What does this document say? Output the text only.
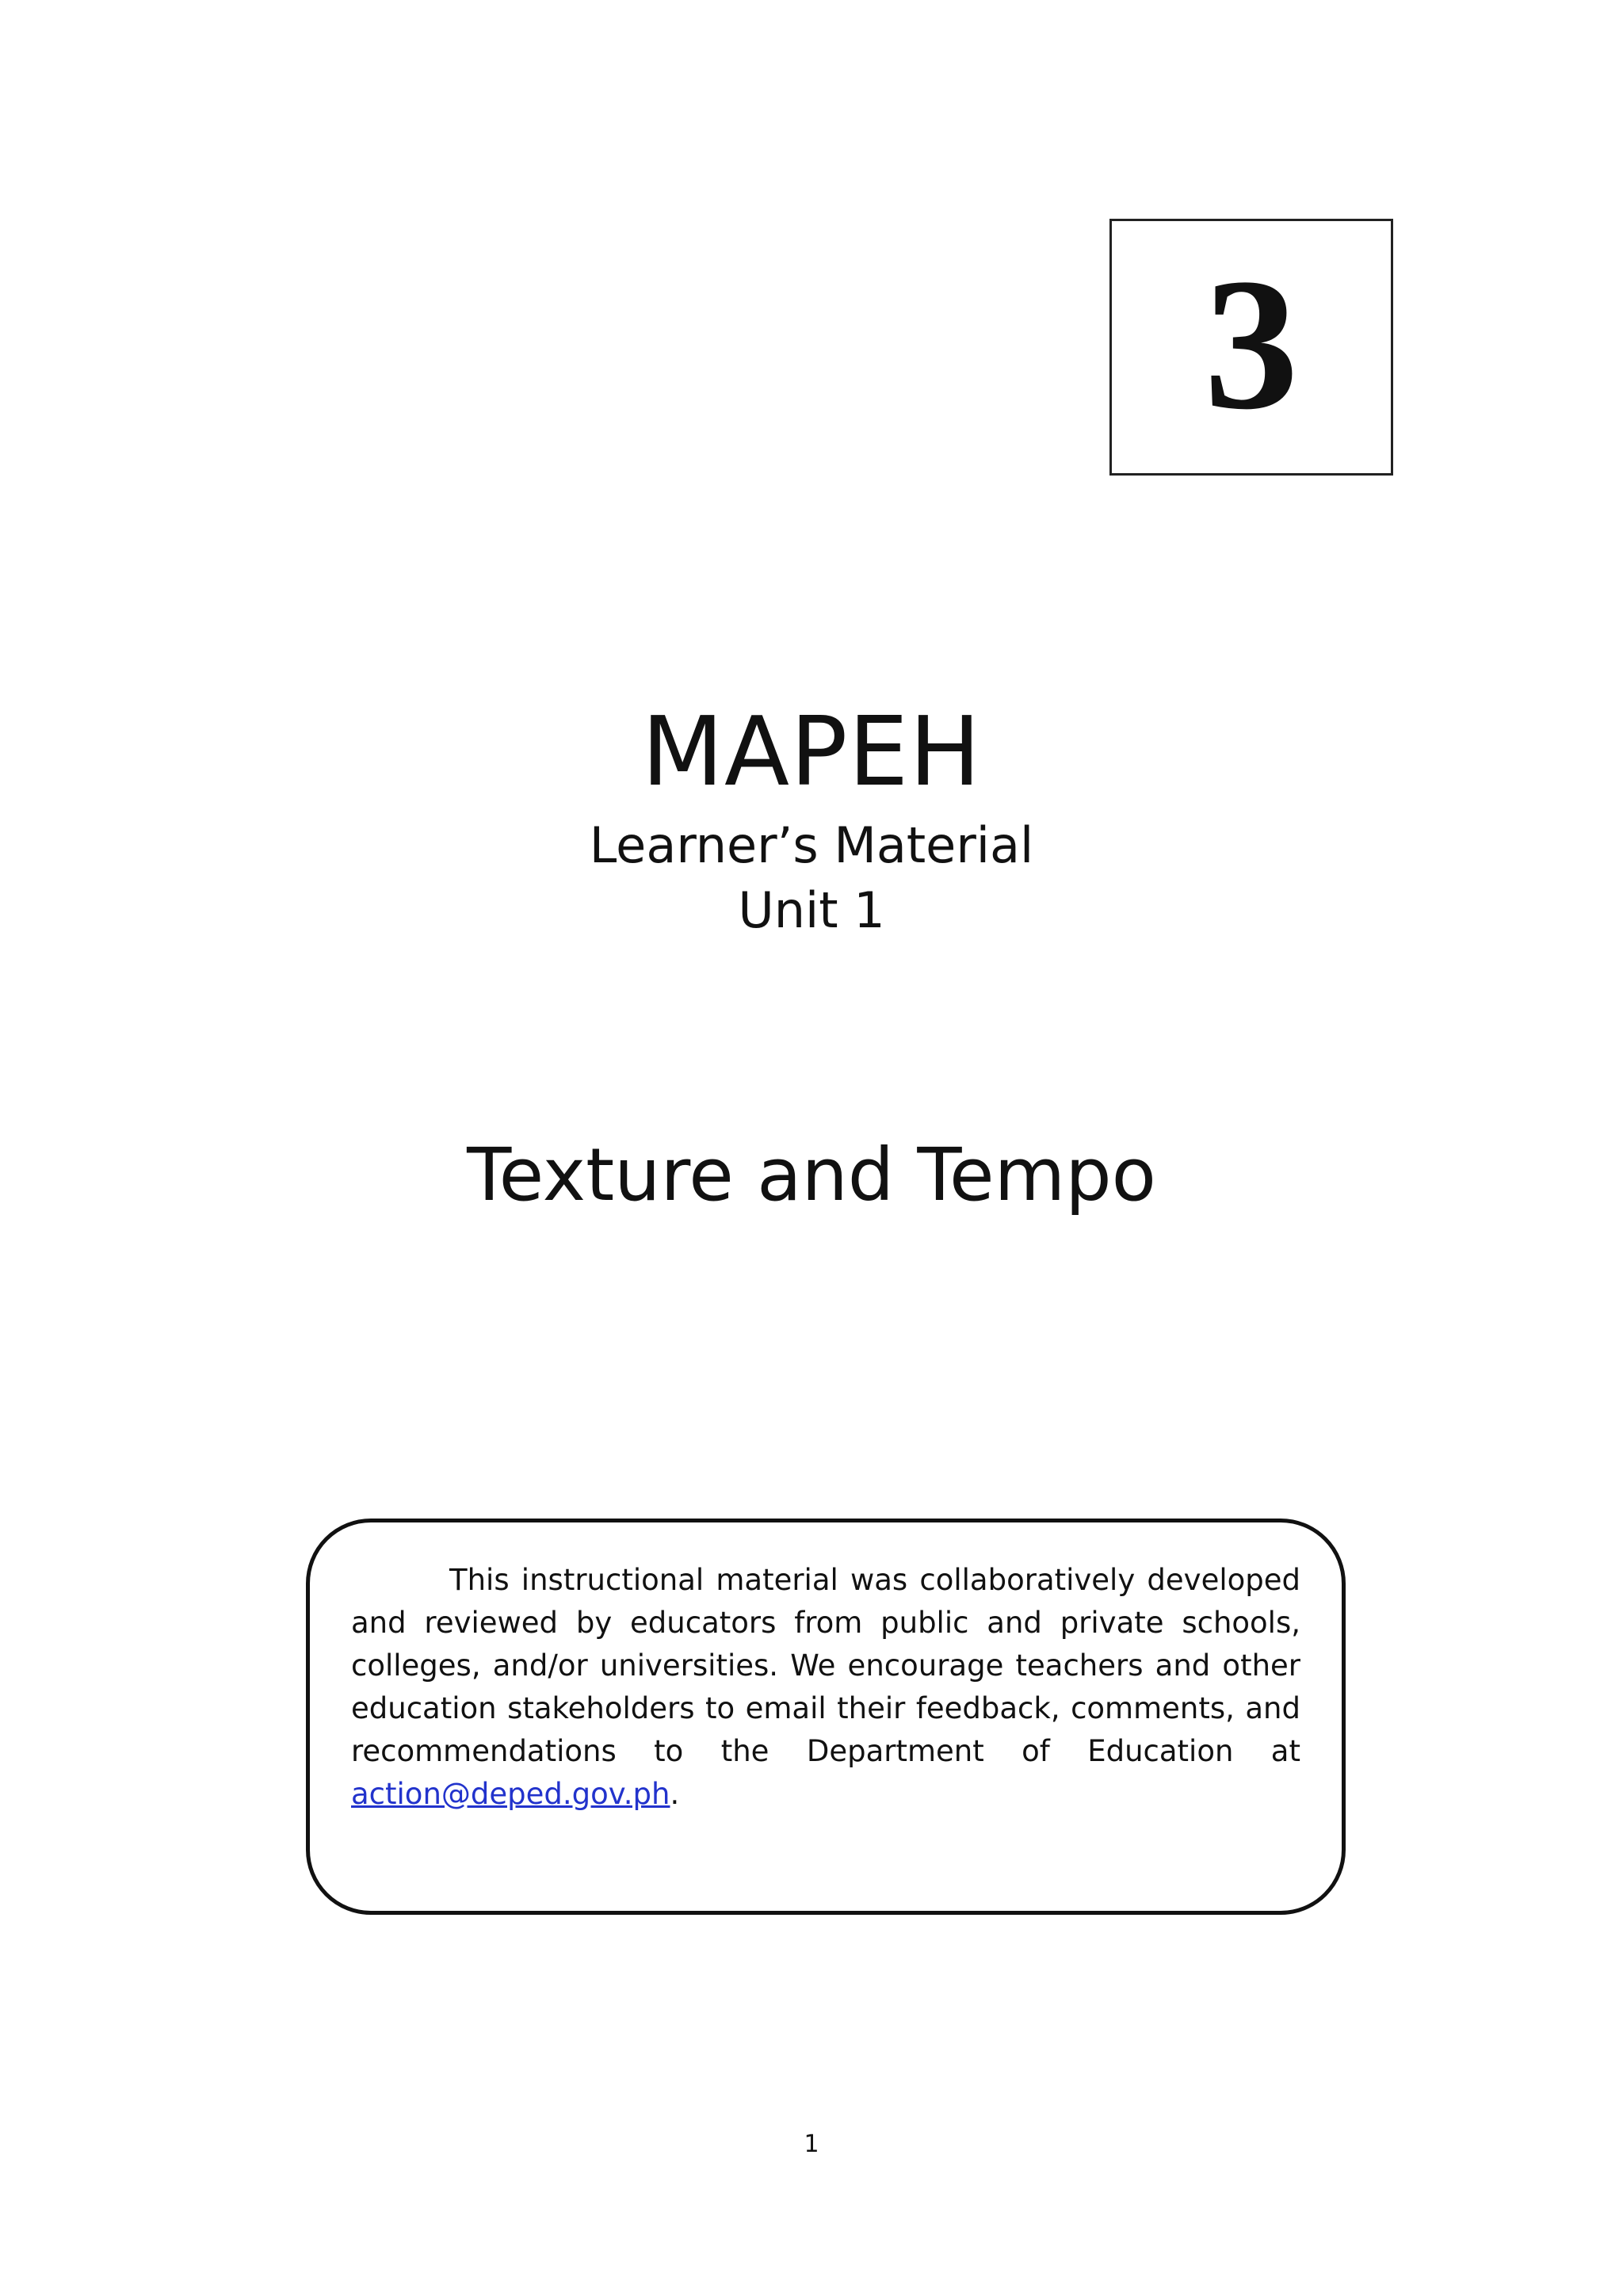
3
MAPEH
Learner’s Material
Unit 1
Texture and Tempo

This instructional material was collaboratively developed and reviewed by educators from public and private schools, colleges, and/or universities. We encourage teachers and other education stakeholders to email their feedback, comments, and recommendations to the Department of Education at action@deped.gov.ph.

1
